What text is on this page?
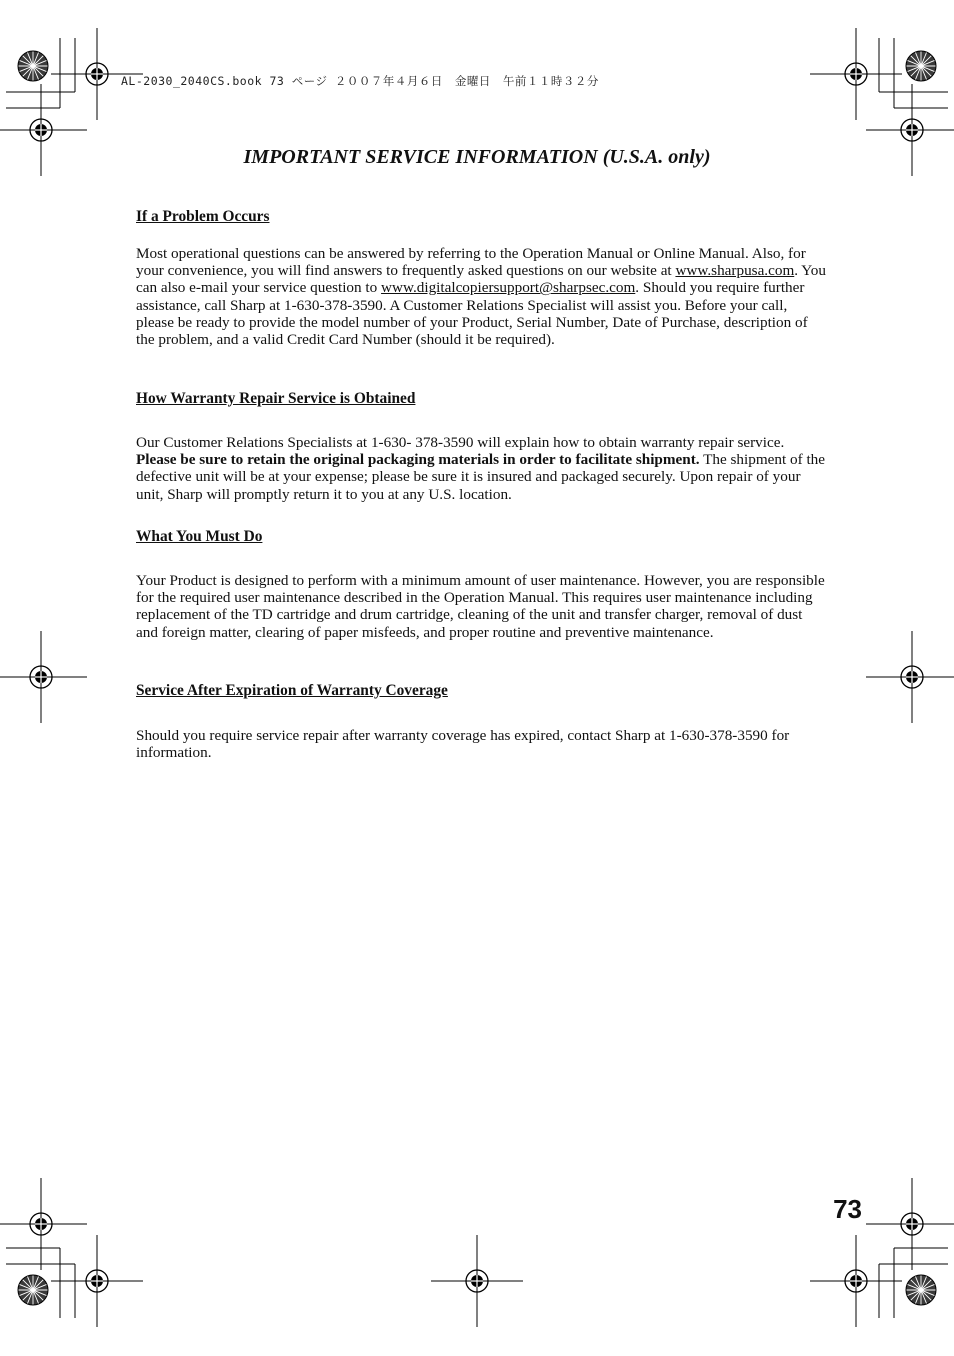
AL-2030_2040CS.book 73 ページ ２００７年４月６日　金曜日　午前１１時３２分
IMPORTANT SERVICE INFORMATION (U.S.A. only)
If a Problem Occurs

Most operational questions can be answered by referring to the Operation Manual or Online Manual. Also, for your convenience, you will find answers to frequently asked questions on our website at www.sharpusa.com. You can also e-mail your service question to www.digitalcopiersupport@sharpsec.com. Should you require further assistance, call Sharp at 1-630-378-3590. A Customer Relations Specialist will assist you. Before your call, please be ready to provide the model number of your Product, Serial Number, Date of Purchase, description of the problem, and a valid Credit Card Number (should it be required).

How Warranty Repair Service is Obtained

Our Customer Relations Specialists at 1-630- 378-3590 will explain how to obtain warranty repair service. Please be sure to retain the original packaging materials in order to facilitate shipment. The shipment of the defective unit will be at your expense; please be sure it is insured and packaged securely. Upon repair of your unit, Sharp will promptly return it to you at any U.S. location.

What You Must Do

Your Product is designed to perform with a minimum amount of user maintenance. However, you are responsible for the required user maintenance described in the Operation Manual. This requires user maintenance including replacement of the TD cartridge and drum cartridge, cleaning of the unit and transfer charger, removal of dust and foreign matter, clearing of paper misfeeds, and proper routine and preventive maintenance.

Service After Expiration of Warranty Coverage

Should you require service repair after warranty coverage has expired, contact Sharp at 1-630-378-3590 for information.

73
